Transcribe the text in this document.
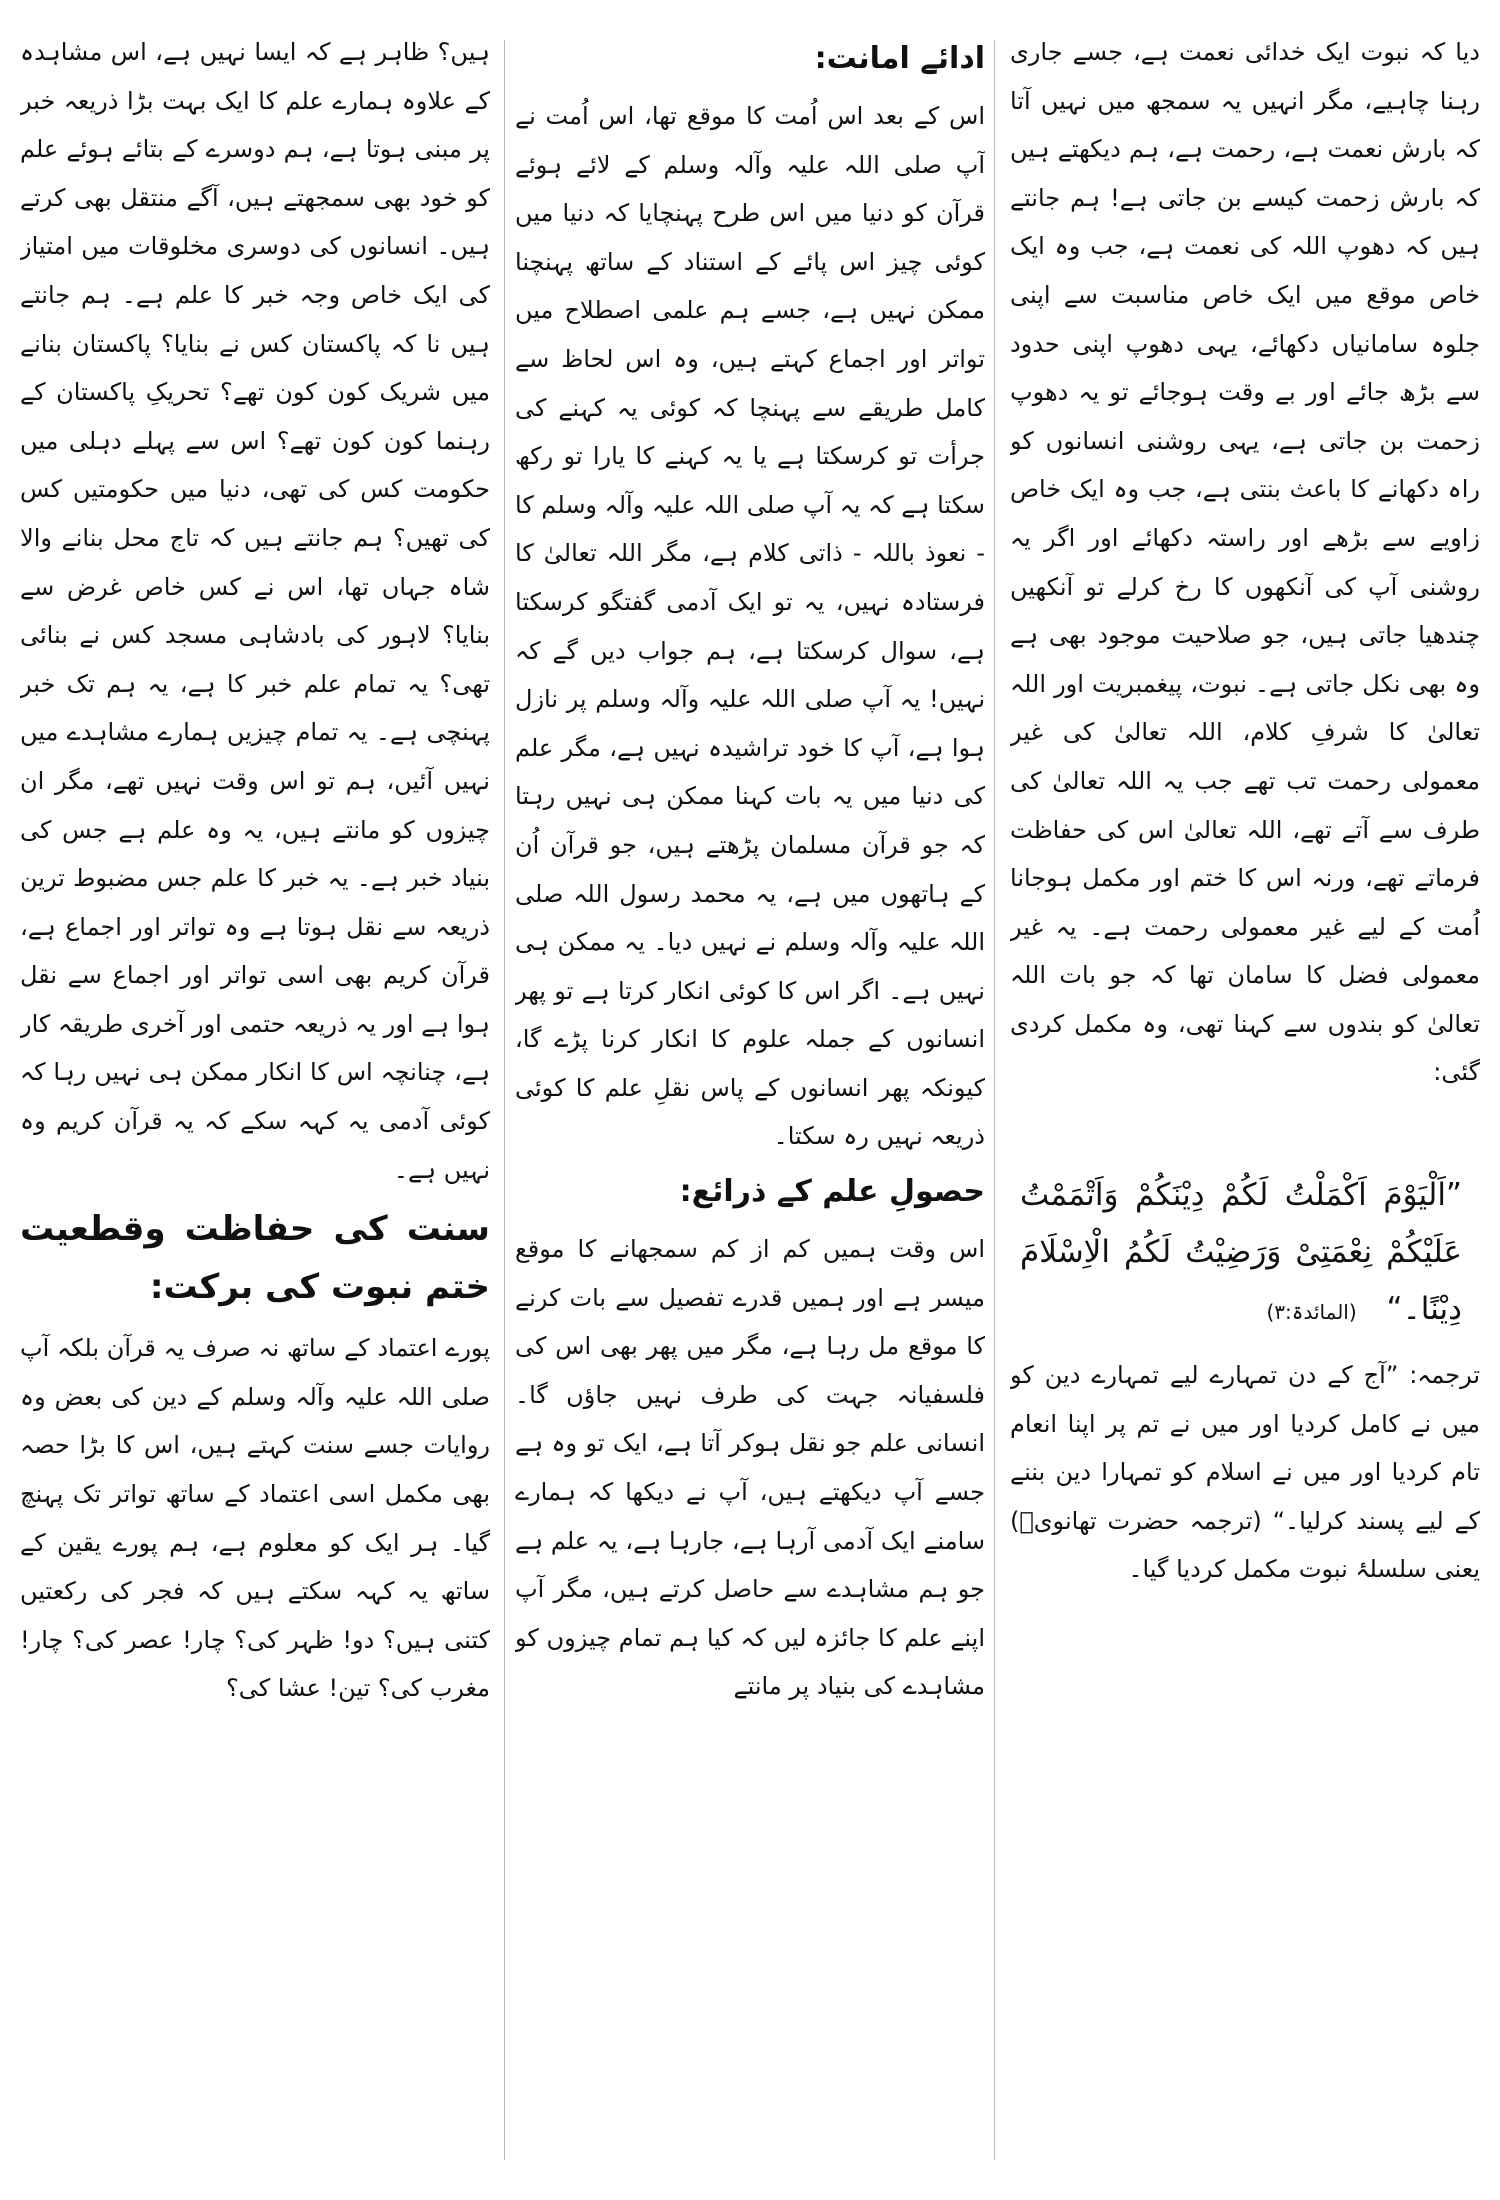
دیا کہ نبوت ایک خدائی نعمت ہے، جسے جاری رہنا چاہیے، مگر انہیں یہ سمجھ میں نہیں آتا کہ بارش نعمت ہے، رحمت ہے، ہم دیکھتے ہیں کہ بارش زحمت کیسے بن جاتی ہے! ہم جانتے ہیں کہ دھوپ اللہ کی نعمت ہے، جب وہ ایک خاص موقع میں ایک خاص مناسبت سے اپنی جلوہ سامانیاں دکھائے، یہی دھوپ اپنی حدود سے بڑھ جائے اور بے وقت ہوجائے تو یہ دھوپ زحمت بن جاتی ہے، یہی روشنی انسانوں کو راہ دکھانے کا باعث بنتی ہے، جب وہ ایک خاص زاویے سے بڑھے اور راستہ دکھائے اور اگر یہ روشنی آپ کی آنکھوں کا رخ کرلے تو آنکھیں چندھیا جاتی ہیں، جو صلاحیت موجود بھی ہے وہ بھی نکل جاتی ہے۔ نبوت، پیغمبریت اور اللہ تعالیٰ کا شرفِ کلام، اللہ تعالیٰ کی غیر معمولی رحمت تب تھے جب یہ اللہ تعالیٰ کی طرف سے آتے تھے، اللہ تعالیٰ اس کی حفاظت فرماتے تھے، ورنہ اس کا ختم اور مکمل ہوجانا اُمت کے لیے غیر معمولی رحمت ہے۔ یہ غیر معمولی فضل کا سامان تھا کہ جو بات اللہ تعالیٰ کو بندوں سے کہنا تھی، وہ مکمل کردی گئی:

”اَلْیَوْمَ اَکْمَلْتُ لَکُمْ دِیْنَکُمْ وَاَتْمَمْتُ عَلَیْکُمْ نِعْمَتِیْ وَرَضِیْتُ لَکُمُ الْاِسْلَامَ دِیْنًا۔“ (المائدۃ:۳)

ترجمہ: ”آج کے دن تمہارے لیے تمہارے دین کو میں نے کامل کردیا اور میں نے تم پر اپنا انعام تام کردیا اور میں نے اسلام کو تمہارا دین بننے کے لیے پسند کرلیا۔“ (ترجمہ حضرت تھانویؒ) یعنی سلسلۂ نبوت مکمل کردیا گیا۔

ادائے امانت:

اس کے بعد اس اُمت کا موقع تھا، اس اُمت نے آپ صلی اللہ علیہ وآلہ وسلم کے لائے ہوئے قرآن کو دنیا میں اس طرح پہنچایا کہ دنیا میں کوئی چیز اس پائے کے استناد کے ساتھ پہنچنا ممکن نہیں ہے، جسے ہم علمی اصطلاح میں تواتر اور اجماع کہتے ہیں، وہ اس لحاظ سے کامل طریقے سے پہنچا کہ کوئی یہ کہنے کی جرأت تو کرسکتا ہے یا یہ کہنے کا یارا تو رکھ سکتا ہے کہ یہ آپ صلی اللہ علیہ وآلہ وسلم کا - نعوذ باللہ - ذاتی کلام ہے، مگر اللہ تعالیٰ کا فرستادہ نہیں، یہ تو ایک آدمی گفتگو کرسکتا ہے، سوال کرسکتا ہے، ہم جواب دیں گے کہ نہیں! یہ آپ صلی اللہ علیہ وآلہ وسلم پر نازل ہوا ہے، آپ کا خود تراشیدہ نہیں ہے، مگر علم کی دنیا میں یہ بات کہنا ممکن ہی نہیں رہتا کہ جو قرآن مسلمان پڑھتے ہیں، جو قرآن اُن کے ہاتھوں میں ہے، یہ محمد رسول اللہ صلی اللہ علیہ وآلہ وسلم نے نہیں دیا۔ یہ ممکن ہی نہیں ہے۔ اگر اس کا کوئی انکار کرتا ہے تو پھر انسانوں کے جملہ علوم کا انکار کرنا پڑے گا، کیونکہ پھر انسانوں کے پاس نقلِ علم کا کوئی ذریعہ نہیں رہ سکتا۔

حصولِ علم کے ذرائع:

اس وقت ہمیں کم از کم سمجھانے کا موقع میسر ہے اور ہمیں قدرے تفصیل سے بات کرنے کا موقع مل رہا ہے، مگر میں پھر بھی اس کی فلسفیانہ جہت کی طرف نہیں جاؤں گا۔ انسانی علم جو نقل ہوکر آتا ہے، ایک تو وہ ہے جسے آپ دیکھتے ہیں، آپ نے دیکھا کہ ہمارے سامنے ایک آدمی آرہا ہے، جارہا ہے، یہ علم ہے جو ہم مشاہدے سے حاصل کرتے ہیں، مگر آپ اپنے علم کا جائزہ لیں کہ کیا ہم تمام چیزوں کو مشاہدے کی بنیاد پر مانتے

ہیں؟ ظاہر ہے کہ ایسا نہیں ہے، اس مشاہدہ کے علاوہ ہمارے علم کا ایک بہت بڑا ذریعہ خبر پر مبنی ہوتا ہے، ہم دوسرے کے بتائے ہوئے علم کو خود بھی سمجھتے ہیں، آگے منتقل بھی کرتے ہیں۔ انسانوں کی دوسری مخلوقات میں امتیاز کی ایک خاص وجہ خبر کا علم ہے۔ ہم جانتے ہیں نا کہ پاکستان کس نے بنایا؟ پاکستان بنانے میں شریک کون کون تھے؟ تحریکِ پاکستان کے رہنما کون کون تھے؟ اس سے پہلے دہلی میں حکومت کس کی تھی، دنیا میں حکومتیں کس کی تھیں؟ ہم جانتے ہیں کہ تاج محل بنانے والا شاہ جہاں تھا، اس نے کس خاص غرض سے بنایا؟ لاہور کی بادشاہی مسجد کس نے بنائی تھی؟ یہ تمام علم خبر کا ہے، یہ ہم تک خبر پہنچی ہے۔ یہ تمام چیزیں ہمارے مشاہدے میں نہیں آئیں، ہم تو اس وقت نہیں تھے، مگر ان چیزوں کو مانتے ہیں، یہ وہ علم ہے جس کی بنیاد خبر ہے۔ یہ خبر کا علم جس مضبوط ترین ذریعہ سے نقل ہوتا ہے وہ تواتر اور اجماع ہے، قرآن کریم بھی اسی تواتر اور اجماع سے نقل ہوا ہے اور یہ ذریعہ حتمی اور آخری طریقہ کار ہے، چنانچہ اس کا انکار ممکن ہی نہیں رہا کہ کوئی آدمی یہ کہہ سکے کہ یہ قرآن کریم وہ نہیں ہے۔

سنت کی حفاظت وقطعیت ختم نبوت کی برکت:

پورے اعتماد کے ساتھ نہ صرف یہ قرآن بلکہ آپ صلی اللہ علیہ وآلہ وسلم کے دین کی بعض وہ روایات جسے سنت کہتے ہیں، اس کا بڑا حصہ بھی مکمل اسی اعتماد کے ساتھ تواتر تک پہنچ گیا۔ ہر ایک کو معلوم ہے، ہم پورے یقین کے ساتھ یہ کہہ سکتے ہیں کہ فجر کی رکعتیں کتنی ہیں؟ دو! ظہر کی؟ چار! عصر کی؟ چار! مغرب کی؟ تین! عشا کی؟
